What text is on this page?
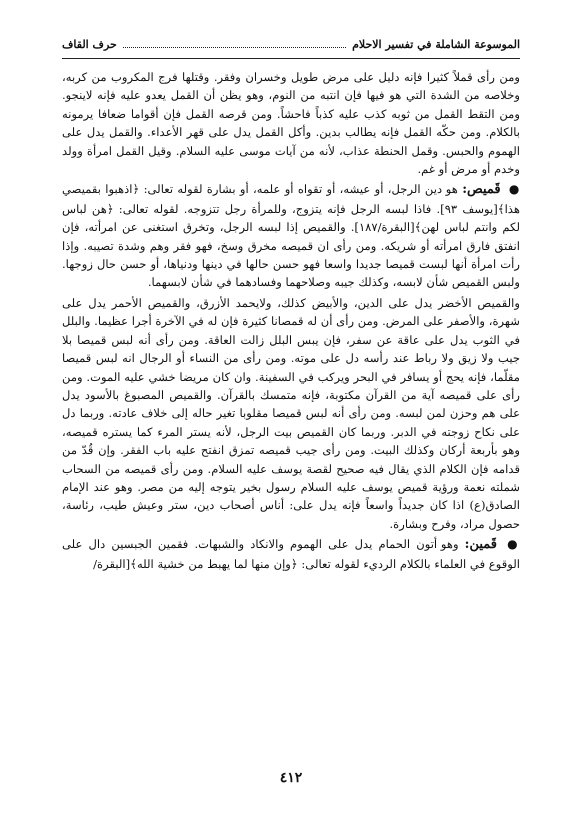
حرف القاف	الموسوعة الشاملة في تفسير الاحلام

ومن رأى قملاً كثيرا فإنه دليل على مرض طويل وخسران وفقر. وقتلها فرج المكروب من كربه، وخلاصه من الشدة التي هو فيها فإن انتبه من النوم، وهو يظن أن القمل يعدو عليه فإنه لاينجو. ومن التقط القمل من ثوبه كذب عليه كذباً فاحشاً. ومن قرصه القمل فإن أقواما ضعافا يرمونه بالكلام. ومن حكّه القمل فإنه يطالب بدين. وأكل القمل يدل على قهر الأعداء. والقمل يدل على الهموم والحبس. وقمل الحنطة عذاب، لأنه من آيات موسى عليه السلام. وقيل القمل امرأة وولد وخدم أو مرض أو غم.

● قَميص: هو دين الرجل، أو عيشه، أو تقواه أو علمه، أو بشارة لقوله تعالى: ﴿اذهبوا بقميصي هذا﴾[يوسف ٩٣]. فاذا لبسه الرجل فإنه يتزوج، وللمرأة رجل تتزوجه. لقوله تعالى: ﴿هن لباس لكم وانتم لباس لهن﴾[البقرة/١٨٧]. والقميص إذا لبسه الرجل، وتخرق استغنى عن امرأته، فإن انفتق فارق امرأته أو شريكه. ومن رأى ان قميصه مخرق وسخ، فهو فقر وهم وشدة تصيبه. وإذا رأت امرأة أنها لبست قميصا جديدا واسعا فهو حسن حالها في دينها ودنياها، أو حسن حال زوجها. ولبس القميص شأن لابسه، وكذلك جيبه وصلاحهما وفسادهما في شأن لابسهما.

والقميص الأخضر يدل على الدين، والأبيض كذلك، ولايحمد الأزرق، والقميص الأحمر يدل على شهرة، والأصفر على المرض. ومن رأى أن له قمصانا كثيرة فإن له في الآخرة أجرا عظيما. والبلل في الثوب يدل على عاقة عن سفر، فإن يبس البلل زالت العاقة. ومن رأى أنه لبس قميصا بلا جيب ولا زيق ولا رباط عند رأسه دل على موته. ومن رأى من النساء أو الرجال انه لبس قميصا مقلّما، فإنه يحج أو يسافر في البحر ويركب في السفينة. وان كان مريضا خشي عليه الموت. ومن رأى على قميصه آية من القرآن مكتوبة، فإنه متمسك بالقرآن. والقميص المصبوغ بالأسود يدل على هم وحزن لمن لبسه. ومن رأى أنه لبس قميصا مقلوبا تغير حاله إلى خلاف عادته. وربما دل على نكاح زوجته في الدبر. وربما كان القميص بيت الرجل، لأنه يستر المرء كما يستره قميصه، وهو بأربعة أركان وكذلك البيت. ومن رأى جيب قميصه تمزق انفتح عليه باب الفقر. وإن قُدّ من قدامه فإن الكلام الذي يقال فيه صحيح لقصة يوسف عليه السلام. ومن رأى قميصه من السحاب شملته نعمة ورؤية قميص يوسف عليه السلام رسول بخير يتوجه إليه من مصر. وهو عند الإمام الصادق(ع) اذا كان جديداً واسعاً فإنه يدل على: أناس أصحاب دين، ستر وعيش طيب، رئاسة، حصول مراد، وفرح وبشارة.

● قَمين: وهو أتون الحمام يدل على الهموم والانكاد والشبهات. فقمين الجبسين دال على الوقوع في العلماء بالكلام الرديء لقوله تعالى: ﴿وإن منها لما يهبط من خشية الله﴾[البقرة/

٤١٢
